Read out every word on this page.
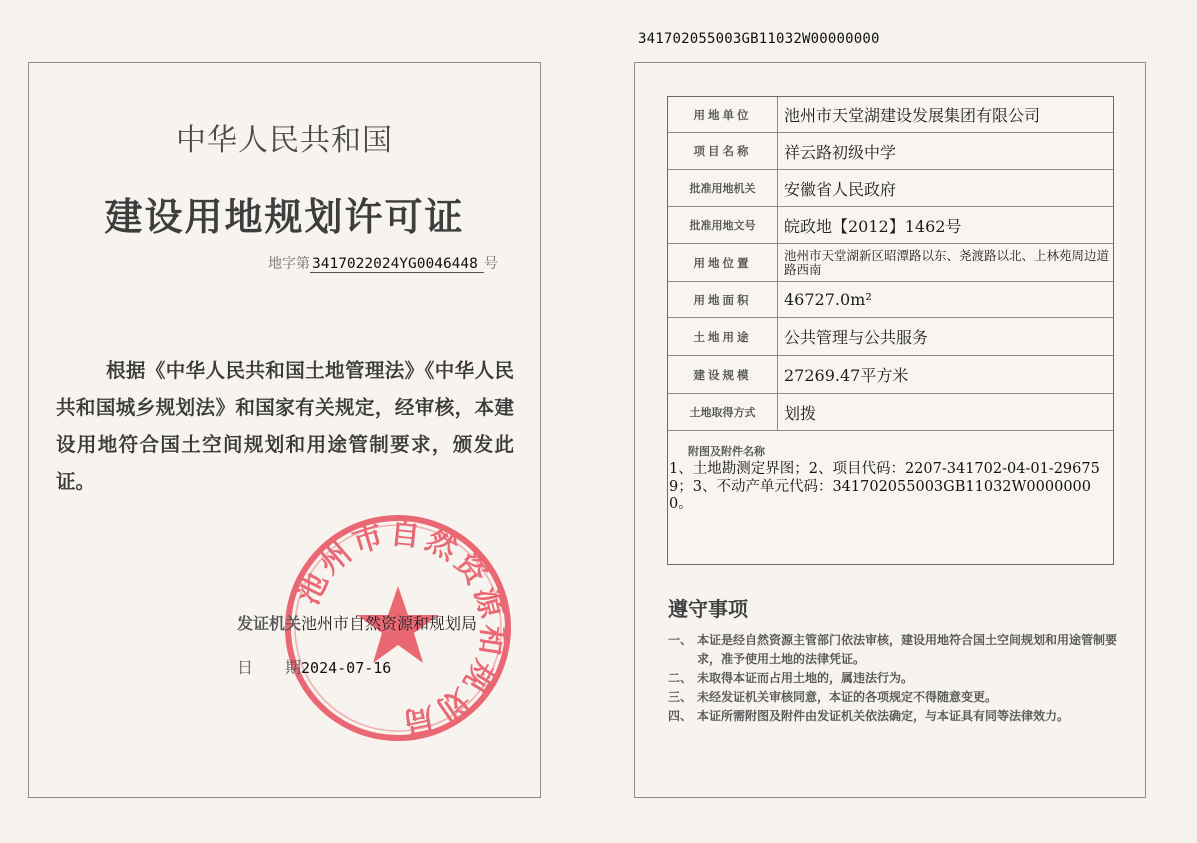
341702055003GB11032W00000000
中华人民共和国
建设用地规划许可证
地字第 3417022024YG0046448 号
根据《中华人民共和国土地管理法》《中华人民共和国城乡规划法》和国家有关规定，经审核，本建设用地符合国土空间规划和用途管制要求，颁发此证。
池州市自然资源和规划局
发证机关池州市自然资源和规划局
日 期2024-07-16
用地单位	池州市天堂湖建设发展集团有限公司
项目名称	祥云路初级中学
批准用地机关	安徽省人民政府
批准用地文号	皖政地【2012】1462号
用地位置	池州市天堂湖新区昭潭路以东、尧渡路以北、上林苑周边道路西南
用地面积	46727.0m²
土地用途	公共管理与公共服务
建设规模	27269.47平方米
土地取得方式	划拨
附图及附件名称
1、土地勘测定界图；2、项目代码：2207-341702-04-01-296759；3、不动产单元代码：341702055003GB11032W00000000。
遵守事项
一、 本证是经自然资源主管部门依法审核，建设用地符合国土空间规划和用途管制要求，准予使用土地的法律凭证。
二、 未取得本证而占用土地的，属违法行为。
三、 未经发证机关审核同意，本证的各项规定不得随意变更。
四、 本证所需附图及附件由发证机关依法确定，与本证具有同等法律效力。
